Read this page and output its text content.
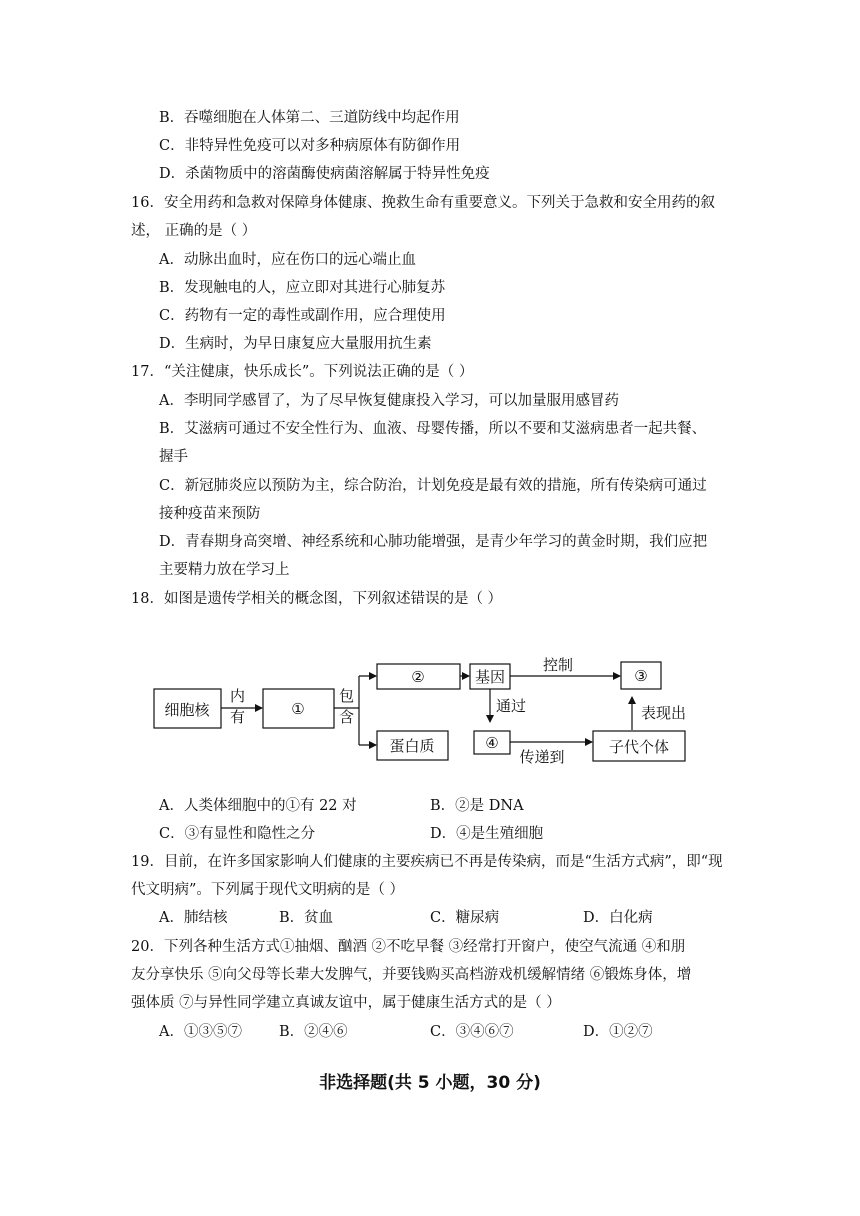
B．吞噬细胞在人体第二、三道防线中均起作用
C．非特异性免疫可以对多种病原体有防御作用
D．杀菌物质中的溶菌酶使病菌溶解属于特异性免疫
16．安全用药和急救对保障身体健康、挽救生命有重要意义。下列关于急救和安全用药的叙
述， 正确的是（ ）
A．动脉出血时，应在伤口的远心端止血
B．发现触电的人，应立即对其进行心肺复苏
C．药物有一定的毒性或副作用，应合理使用
D．生病时，为早日康复应大量服用抗生素
17．“关注健康，快乐成长”。下列说法正确的是（ ）
A．李明同学感冒了，为了尽早恢复健康投入学习，可以加量服用感冒药
B．艾滋病可通过不安全性行为、血液、母婴传播，所以不要和艾滋病患者一起共餐、
握手
C．新冠肺炎应以预防为主，综合防治，计划免疫是最有效的措施，所有传染病可通过
接种疫苗来预防
D．青春期身高突增、神经系统和心肺功能增强，是青少年学习的黄金时期，我们应把
主要精力放在学习上
18．如图是遗传学相关的概念图，下列叙述错误的是（ ）
细胞核
内
有	①
包
含
②	基因
控制
③
蛋白质
通过
④
传递到
子代个体
表现出
A．人类体细胞中的①有 22 对	B．②是 DNA
C．③有显性和隐性之分	D．④是生殖细胞
19．目前，在许多国家影响人们健康的主要疾病已不再是传染病，而是“生活方式病”，即“现
代文明病”。下列属于现代文明病的是（ ）
A．肺结核	B．贫血	C．糖尿病	D．白化病
20．下列各种生活方式①抽烟、酗酒 ②不吃早餐 ③经常打开窗户，使空气流通 ④和朋
友分享快乐 ⑤向父母等长辈大发脾气，并要钱购买高档游戏机缓解情绪 ⑥锻炼身体，增
强体质 ⑦与异性同学建立真诚友谊中，属于健康生活方式的是（ ）
A．①③⑤⑦	B．②④⑥	C．③④⑥⑦	D．①②⑦
非选择题(共 5 小题，30 分)
